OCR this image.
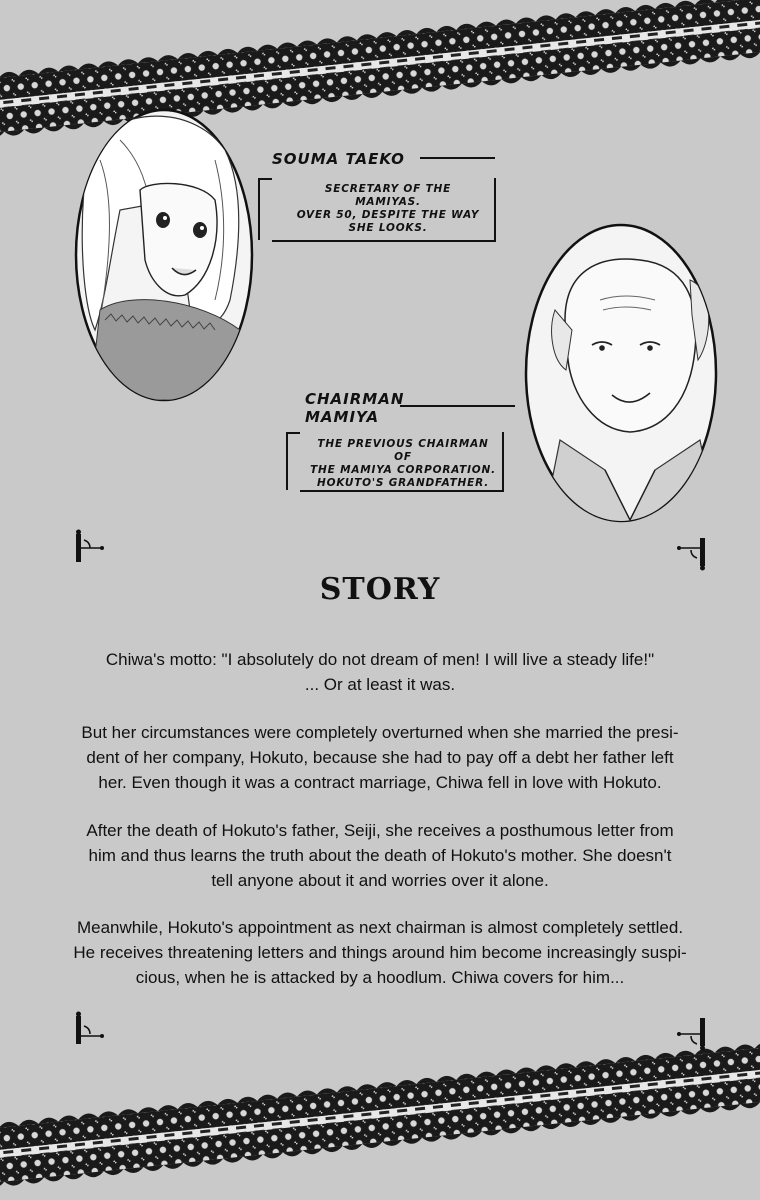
SOUMA TAEKO
SECRETARY OF THE MAMIYAS.
OVER 50, DESPITE THE WAY
SHE LOOKS.
CHAIRMAN
MAMIYA
THE PREVIOUS CHAIRMAN OF
THE MAMIYA CORPORATION.
HOKUTO'S GRANDFATHER.
STORY
Chiwa's motto: "I absolutely do not dream of men! I will live a steady life!"
... Or at least it was.
But her circumstances were completely overturned when she married the presi-
dent of her company, Hokuto, because she had to pay off a debt her father left
her. Even though it was a contract marriage, Chiwa fell in love with Hokuto.
After the death of Hokuto's father, Seiji, she receives a posthumous letter from
him and thus learns the truth about the death of Hokuto's mother. She doesn't
tell anyone about it and worries over it alone.
Meanwhile, Hokuto's appointment as next chairman is almost completely settled.
He receives threatening letters and things around him become increasingly suspi-
cious, when he is attacked by a hoodlum. Chiwa covers for him...
